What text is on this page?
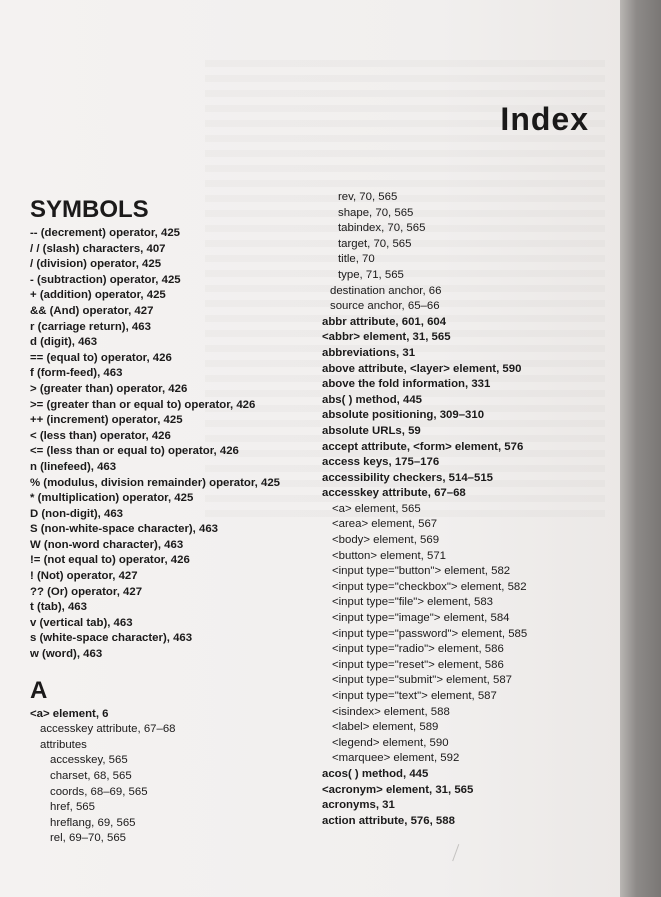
Index
SYMBOLS
-- (decrement) operator, 425
/ / (slash) characters, 407
/ (division) operator, 425
- (subtraction) operator, 425
+ (addition) operator, 425
&& (And) operator, 427
r (carriage return), 463
d (digit), 463
== (equal to) operator, 426
f (form-feed), 463
> (greater than) operator, 426
>= (greater than or equal to) operator, 426
++ (increment) operator, 425
< (less than) operator, 426
<= (less than or equal to) operator, 426
n (linefeed), 463
% (modulus, division remainder) operator, 425
* (multiplication) operator, 425
D (non-digit), 463
S (non-white-space character), 463
W (non-word character), 463
!= (not equal to) operator, 426
! (Not) operator, 427
?? (Or) operator, 427
t (tab), 463
v (vertical tab), 463
s (white-space character), 463
w (word), 463
A
<a> element, 6
accesskey attribute, 67–68
attributes
accesskey, 565
charset, 68, 565
coords, 68–69, 565
href, 565
hreflang, 69, 565
rel, 69–70, 565
rev, 70, 565
shape, 70, 565
tabindex, 70, 565
target, 70, 565
title, 70
type, 71, 565
destination anchor, 66
source anchor, 65–66
abbr attribute, 601, 604
<abbr> element, 31, 565
abbreviations, 31
above attribute, <layer> element, 590
above the fold information, 331
abs( ) method, 445
absolute positioning, 309–310
absolute URLs, 59
accept attribute, <form> element, 576
access keys, 175–176
accessibility checkers, 514–515
accesskey attribute, 67–68
<a> element, 565
<area> element, 567
<body> element, 569
<button> element, 571
<input type="button"> element, 582
<input type="checkbox"> element, 582
<input type="file"> element, 583
<input type="image"> element, 584
<input type="password"> element, 585
<input type="radio"> element, 586
<input type="reset"> element, 586
<input type="submit"> element, 587
<input type="text"> element, 587
<isindex> element, 588
<label> element, 589
<legend> element, 590
<marquee> element, 592
acos( ) method, 445
<acronym> element, 31, 565
acronyms, 31
action attribute, 576, 588
